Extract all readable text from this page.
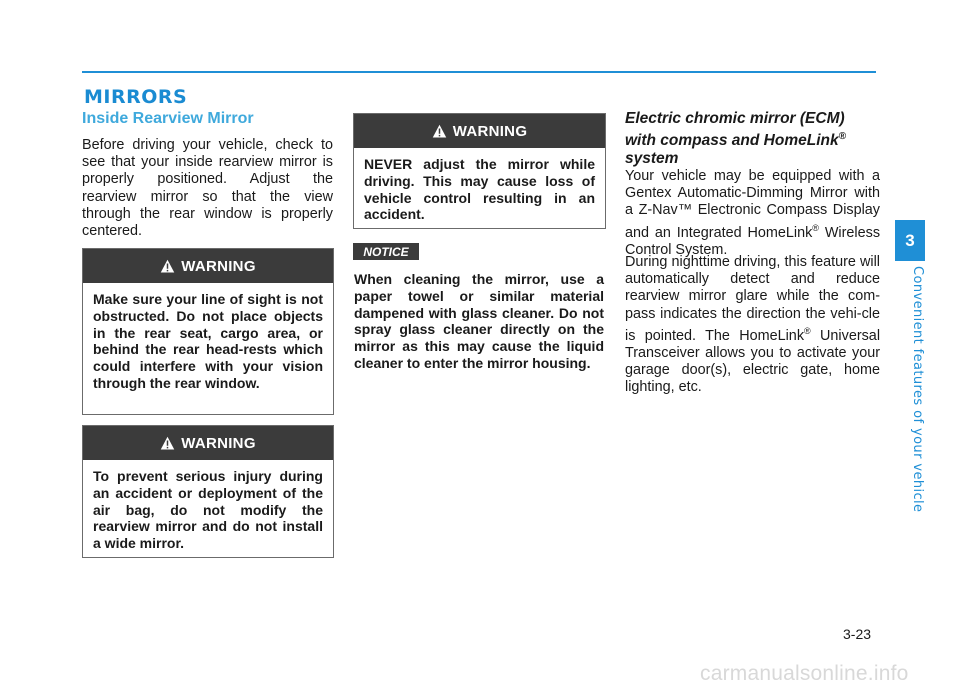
MIRRORS
Inside Rearview Mirror

Before driving your vehicle, check to see that your inside rearview mirror is properly positioned. Adjust the rearview mirror so that the view through the rear window is properly centered.

WARNING

Make sure your line of sight is not obstructed. Do not place objects in the rear seat, cargo area, or behind the rear head-rests which could interfere with your vision through the rear window.

WARNING

To prevent serious injury during an accident or deployment of the air bag, do not modify the rearview mirror and do not install a wide mirror.

WARNING

NEVER adjust the mirror while driving. This may cause loss of vehicle control resulting in an accident.

NOTICE

When cleaning the mirror, use a paper towel or similar material dampened with glass cleaner. Do not spray glass cleaner directly on the mirror as this may cause the liquid cleaner to enter the mirror housing.

Electric chromic mirror (ECM)
with compass and HomeLink®
system

Your vehicle may be equipped with a Gentex Automatic-Dimming Mirror with a Z-Nav™ Electronic Compass Display and an Integrated HomeLink® Wireless Control System.

During nighttime driving, this feature will automatically detect and reduce rearview mirror glare while the com-pass indicates the direction the vehi-cle is pointed. The HomeLink® Universal Transceiver allows you to activate your garage door(s), electric gate, home lighting, etc.

3
Convenient features of your vehicle
3-23
carmanualsonline.info
